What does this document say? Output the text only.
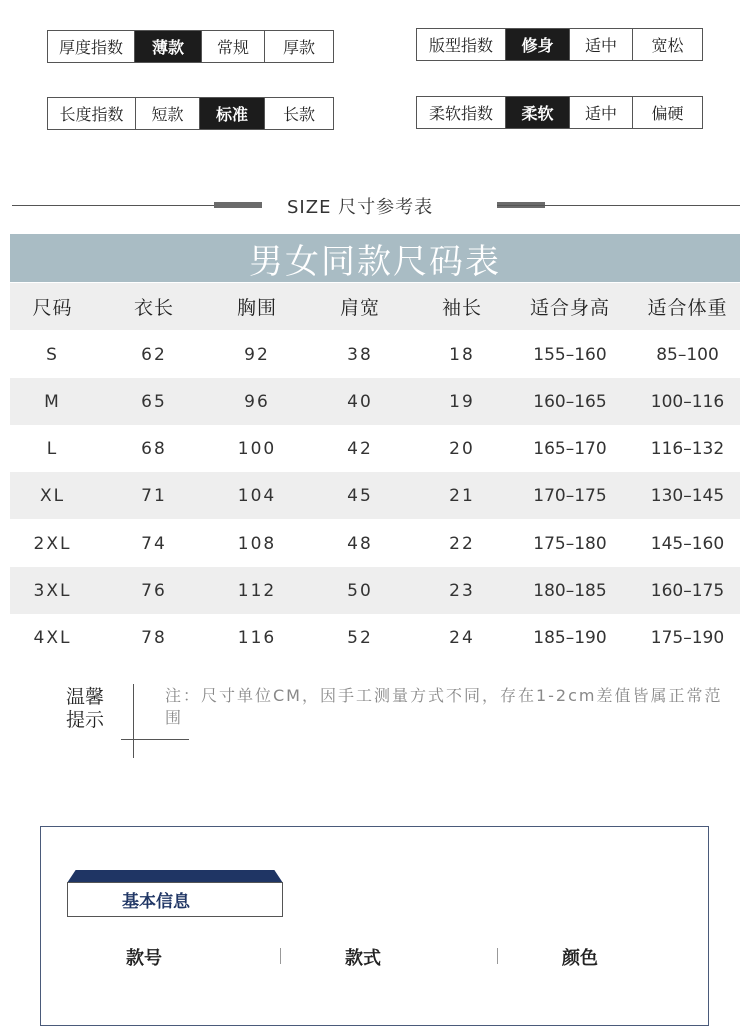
厚度指数	薄款	常规	厚款	版型指数	修身	适中	宽松
长度指数	短款	标准	长款	柔软指数	柔软	适中	偏硬
SIZE 尺寸参考表
男女同款尺码表
尺码	衣长	胸围	肩宽	袖长	适合身高	适合体重
S	62	92	38	18	155–160	85–100
M	65	96	40	19	160–165	100–116
L	68	100	42	20	165–170	116–132
XL	71	104	45	21	170–175	130–145
2XL	74	108	48	22	175–180	145–160
3XL	76	112	50	23	180–185	160–175
4XL	78	116	52	24	185–190	175–190
温馨
提示
注：尺寸单位CM，因手工测量方式不同，存在1-2cm差值皆属正常范围
基本信息
款号	款式	颜色
